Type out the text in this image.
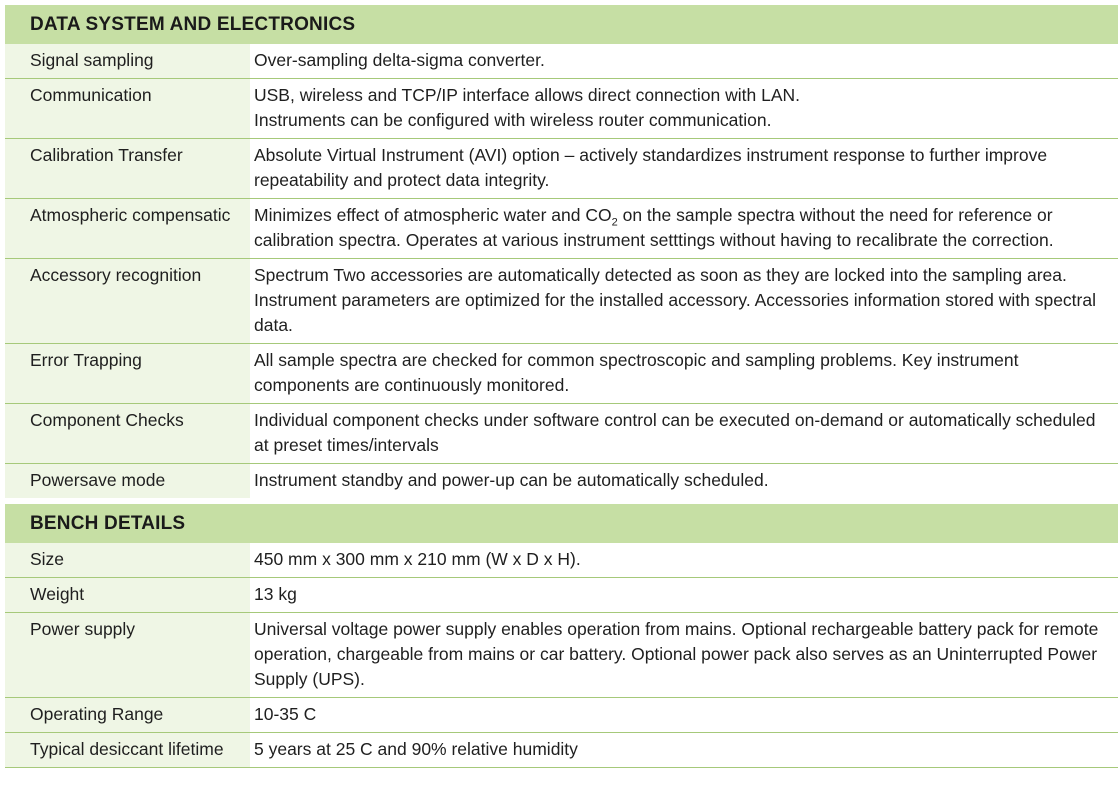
DATA SYSTEM AND ELECTRONICS
Signal sampling	Over-sampling delta-sigma converter.
Communication	USB, wireless and TCP/IP interface allows direct connection with LAN.
Instruments can be configured with wireless router communication.
Calibration Transfer	Absolute Virtual Instrument (AVI) option – actively standardizes instrument response to further improve repeatability and protect data integrity.
Atmospheric compensatic	Minimizes effect of atmospheric water and $CO_2$ on the sample spectra without the need for reference or calibration spectra. Operates at various instrument setttings without having to recalibrate the correction.
Accessory recognition	Spectrum Two accessories are automatically detected as soon as they are locked into the sampling area.
Instrument parameters are optimized for the installed accessory. Accessories information stored with spectral data.
Error Trapping	All sample spectra are checked for common spectroscopic and sampling problems. Key instrument components are continuously monitored.
Component Checks	Individual component checks under software control can be executed on-demand or automatically scheduled at preset times/intervals
Powersave mode	Instrument standby and power-up can be automatically scheduled.
BENCH DETAILS
Size	450 mm x 300 mm x 210 mm (W x D x H).
Weight	13 kg
Power supply	Universal voltage power supply enables operation from mains. Optional rechargeable battery pack for remote operation, chargeable from mains or car battery. Optional power pack also serves as an Uninterrupted Power Supply (UPS).
Operating Range	10-35 C
Typical desiccant lifetime	5 years at 25 C and 90% relative humidity
